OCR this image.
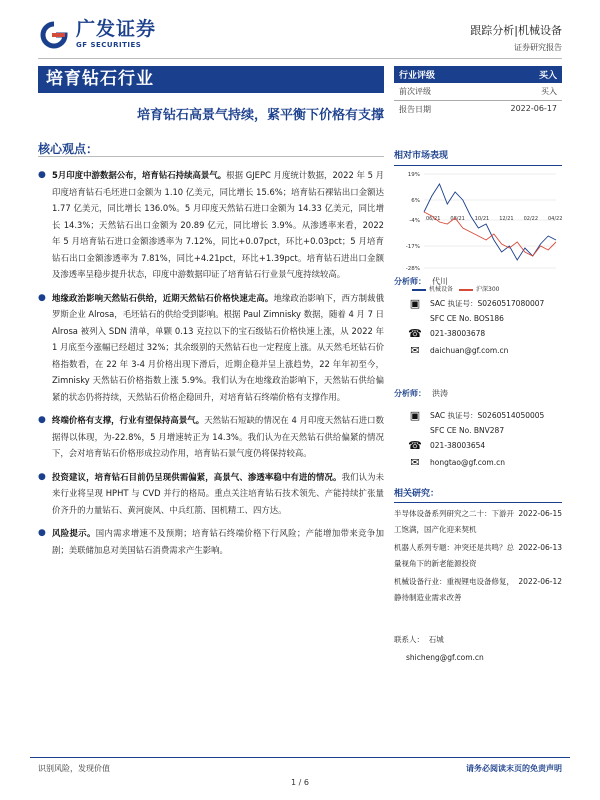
广发证券
GF SECURITIES
跟踪分析|机械设备
证券研究报告
培育钻石行业
培育钻石高景气持续，紧平衡下价格有支撑
行业评级	买入
前次评级	买入
报告日期	2022-06-17
核心观点：
● 5月印度中游数据公布，培育钻石持续高景气。根据 GJEPC 月度统计数据，2022 年 5 月印度培育钻石毛坯进口金额为 1.10 亿美元，同比增长 15.6%；培育钻石裸钻出口金额达 1.77 亿美元，同比增长 136.0%。5 月印度天然钻石进口金额为 14.33 亿美元，同比增长 14.3%；天然钻石出口金额为 20.89 亿元，同比增长 3.9%。从渗透率来看，2022 年 5 月培育钻石进口金额渗透率为 7.12%，同比+0.07pct，环比+0.03pct；5 月培育钻石出口金额渗透率为 7.81%，同比+4.21pct，环比+1.39pct。培育钻石进出口金额及渗透率呈稳步提升状态，印度中游数据印证了培育钻石行业景气度持续较高。
● 地缘政治影响天然钻石供给，近期天然钻石价格快速走高。地缘政治影响下，西方制裁俄罗斯企业 Alrosa，毛坯钻石的供给受到影响。根据 Paul Zimnisky 数据，随着 4 月 7 日 Alrosa 被列入 SDN 清单，单颗 0.13 克拉以下的宝石级钻石价格快速上涨，从 2022 年 1 月底至今涨幅已经超过 32%；其余级别的天然钻石也一定程度上涨。从天然毛坯钻石价格指数看，在 22 年 3-4 月价格出现下滑后，近期企稳并呈上涨趋势，22 年年初至今，Zimnisky 天然钻石价格指数上涨 5.9%。我们认为在地缘政治影响下，天然钻石供给偏紧的状态仍将持续，天然钻石价格企稳回升，对培育钻石终端价格有支撑作用。
● 终端价格有支撑，行业有望保持高景气。天然钻石短缺的情况在 4 月印度天然钻石进口数据得以体现，为-22.8%，5 月增速转正为 14.3%。我们认为在天然钻石供给偏紧的情况下，会对培育钻石价格形成拉动作用，培育钻石景气度仍将保持较高。
● 投资建议，培育钻石目前仍呈现供需偏紧，高景气、渗透率稳中有进的情况。我们认为未来行业将呈现 HPHT 与 CVD 并行的格局。重点关注培育钻石技术领先、产能持续扩张量价齐升的力量钻石、黄河旋风、中兵红箭、国机精工、四方达。
● 风险提示。国内需求增速不及预期；培育钻石终端价格下行风险；产能增加带来竞争加剧；美联储加息对美国钻石消费需求产生影响。
相对市场表现
19%
6%
-4%
-17%
-28%
06/21 08/21 10/21 12/21 02/22 04/22
机械设备	沪深300
分析师： 代川
▣	SAC 执证号：S0260517080007
SFC CE No. BOS186
☎ 021-38003678
✉	daichuan@gf.com.cn
分析师： 洪涛
▣	SAC 执证号：S0260514050005
SFC CE No. BNV287
☎ 021-38003654
✉	hongtao@gf.com.cn
相关研究：
半导体设备系列研究之二十：下游开工饱满，国产化迎来契机
2022-06-15
机器人系列专题：冲突还是共鸣？总量视角下的新老能源投资
2022-06-13
机械设备行业：重视锂电设备修复，静待制造业需求改善
2022-06-12
联系人： 石城
shicheng@gf.com.cn
识别风险，发现价值	请务必阅读末页的免责声明
1 / 6
